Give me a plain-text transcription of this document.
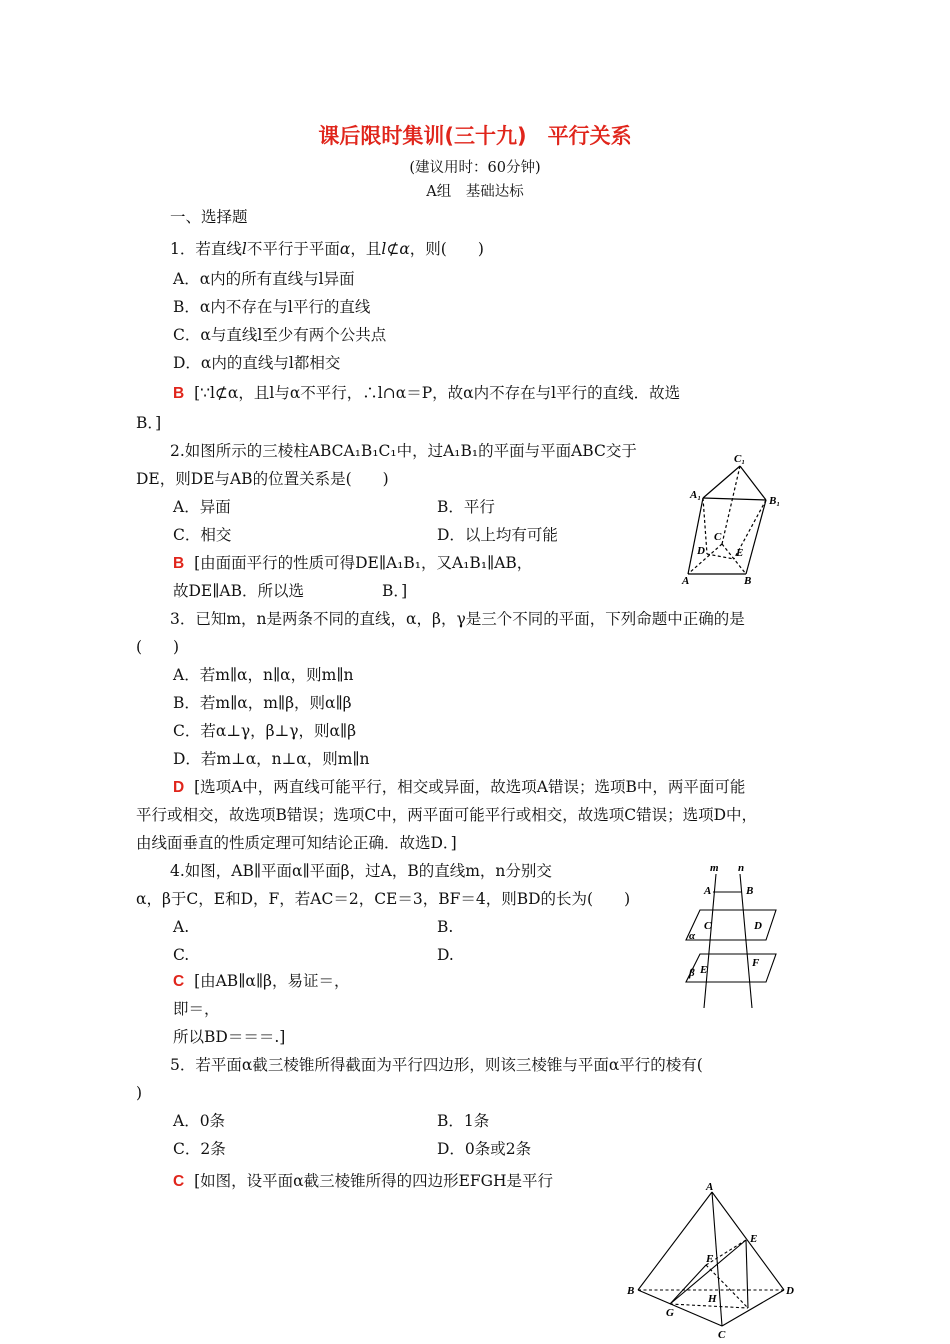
课后限时集训(三十九)　平行关系
(建议用时：60分钟)
A组　基础达标
一、选择题
1．若直线l不平行于平面α，且l⊄α，则(　　)
A．α内的所有直线与l异面
B．α内不存在与l平行的直线
C．α与直线l至少有两个公共点
D．α内的直线与l都相交
B [∵l⊄α，且l与α不平行，∴l∩α＝P，故α内不存在与l平行的直线．故选
B．]
2.如图所示的三棱柱ABCA₁B₁C₁中，过A₁B₁的平面与平面ABC交于
DE，则DE与AB的位置关系是(　　)
A．异面	B．平行
C．相交	D．以上均有可能
B [由面面平行的性质可得DE∥A₁B₁，又A₁B₁∥AB，
故DE∥AB．所以选	B．]
C₁
A₁	B₁
C
D	E
A	B
3．已知m，n是两条不同的直线，α，β，γ是三个不同的平面，下列命题中正确的是
(　　)
A．若m∥α，n∥α，则m∥n
B．若m∥α，m∥β，则α∥β
C．若α⊥γ，β⊥γ，则α∥β
D．若m⊥α，n⊥α，则m∥n
D [选项A中，两直线可能平行，相交或异面，故选项A错误；选项B中，两平面可能
平行或相交，故选项B错误；选项C中，两平面可能平行或相交，故选项C错误；选项D中，
由线面垂直的性质定理可知结论正确．故选D．]
4.如图，AB∥平面α∥平面β，过A，B的直线m，n分别交
α，β于C，E和D，F，若AC＝2，CE＝3，BF＝4，则BD的长为(　　)
A.	B.
C.	D.
C [由AB∥α∥β，易证＝，
即＝，
所以BD＝＝＝.]
m n
A	B
C	D
α
E
F
β
5．若平面α截三棱锥所得截面为平行四边形，则该三棱锥与平面α平行的棱有(
)
A．0条	B．1条
C．2条	D．0条或2条
C [如图，设平面α截三棱锥所得的四边形EFGH是平行	A
E
F
B
H
D
G
C
